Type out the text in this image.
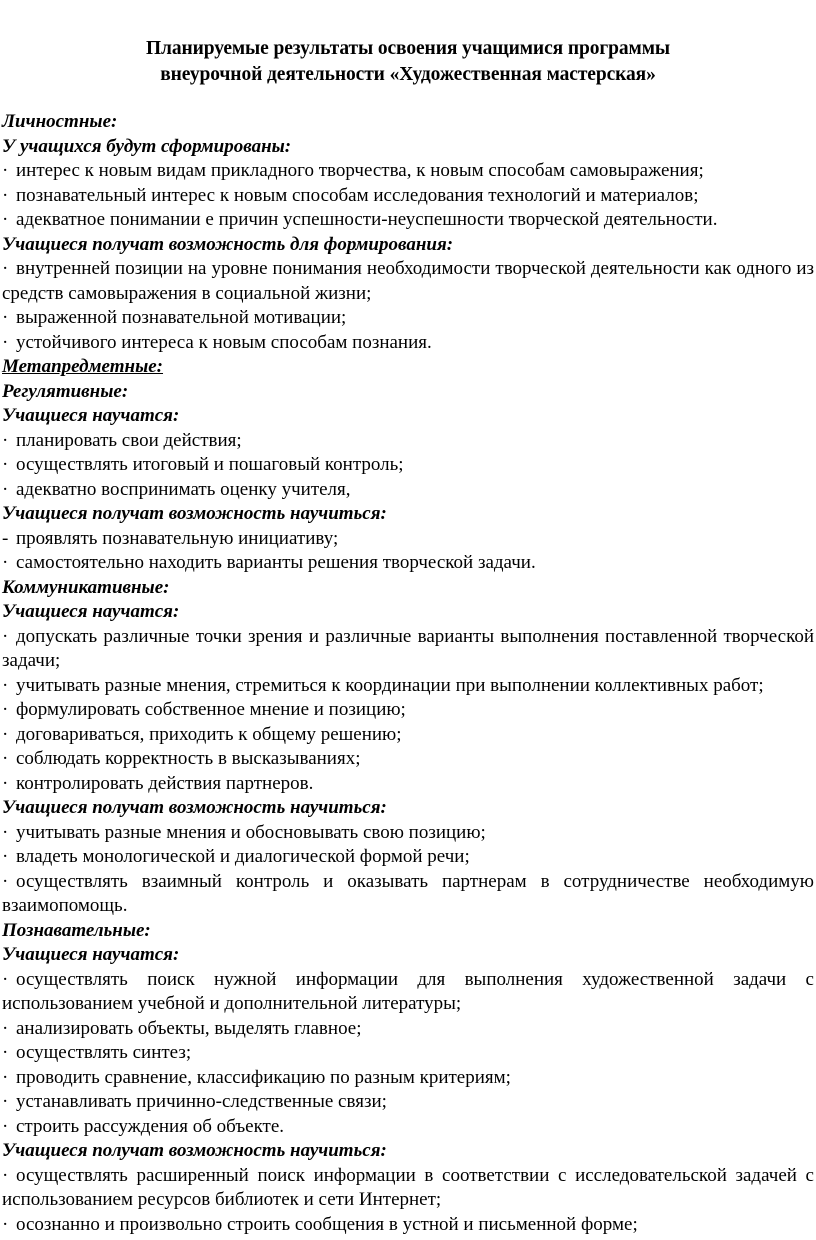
Планируемые результаты освоения учащимися программы
внеурочной деятельности «Художественная мастерская»
Личностные:
У учащихся будут сформированы:
· интерес к новым видам прикладного творчества, к новым способам самовыражения;
· познавательный интерес к новым способам исследования технологий и материалов;
· адекватное понимании е причин успешности-неуспешности творческой деятельности.
Учащиеся получат возможность для формирования:
· внутренней позиции на уровне понимания необходимости творческой деятельности как одного из средств самовыражения в социальной жизни;
· выраженной познавательной мотивации;
· устойчивого интереса к новым способам познания.
Метапредметные:
Регулятивные:
Учащиеся научатся:
· планировать свои действия;
· осуществлять итоговый и пошаговый контроль;
· адекватно воспринимать оценку учителя,
Учащиеся получат возможность научиться:
- проявлять познавательную инициативу;
· самостоятельно находить варианты решения творческой задачи.
Коммуникативные:
Учащиеся научатся:
· допускать различные точки зрения и различные варианты выполнения поставленной творческой задачи;
· учитывать разные мнения, стремиться к координации при выполнении коллективных работ;
· формулировать собственное мнение и позицию;
· договариваться, приходить к общему решению;
· соблюдать корректность в высказываниях;
· контролировать действия партнеров.
Учащиеся получат возможность научиться:
· учитывать разные мнения и обосновывать свою позицию;
· владеть монологической и диалогической формой речи;
· осуществлять взаимный контроль и оказывать партнерам в сотрудничестве необходимую взаимопомощь.
Познавательные:
Учащиеся научатся:
· осуществлять поиск нужной информации для выполнения художественной задачи с использованием учебной и дополнительной литературы;
· анализировать объекты, выделять главное;
· осуществлять синтез;
· проводить сравнение, классификацию по разным критериям;
· устанавливать причинно-следственные связи;
· строить рассуждения об объекте.
Учащиеся получат возможность научиться:
· осуществлять расширенный поиск информации в соответствии с исследовательской задачей с использованием ресурсов библиотек и сети Интернет;
· осознанно и произвольно строить сообщения в устной и письменной форме;
